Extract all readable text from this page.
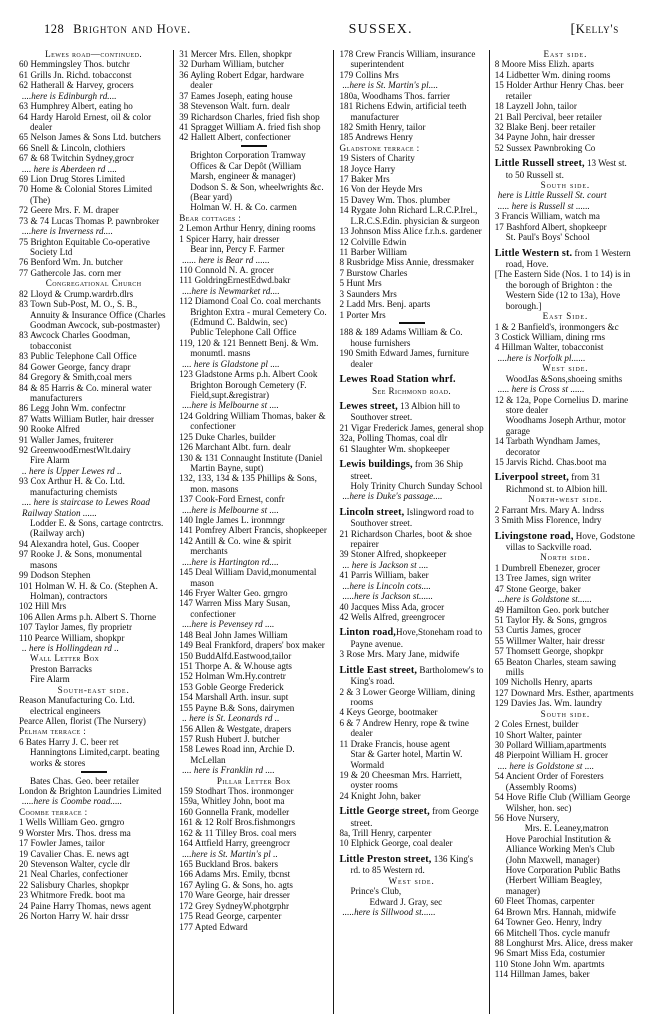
128 Brighton and Hove.	SUSSEX.	[Kelly's
Lewes road—continued.
60 Hemmingsley Thos. butchr
61 Grills Jn. Richd. tobacconst
62 Hatherall & Harvey, grocers
....here is Edinburgh rd....
63 Humphrey Albert, eating ho
64 Hardy Harold Ernest, oil & color dealer
65 Nelson James & Sons Ltd. butchers
66 Snell & Lincoln, clothiers
67 & 68 Twitchin Sydney,grocr
.... here is Aberdeen rd ....
69 Lion Drug Stores Limited
70 Home & Colonial Stores Limited (The)
72 Geere Mrs. F. M. draper
73 & 74 Lucas Thomas P. pawnbroker
....here is Inverness rd....
75 Brighton Equitable Co-operative Society Ltd
76 Benford Wm. Jn. butcher
77 Gathercole Jas. corn mer
Congregational Church
82 Lloyd & Crump.wardrb.dlrs
83 Town Sub-Post, M. O., S. B., Annuity & Insurance Office (Charles Goodman Awcock, sub-postmaster)
83 Awcock Charles Goodman, tobacconist
83 Public Telephone Call Office
84 Gower George, fancy drapr
84 Gregory & Smith,coal mers
84 & 85 Harris & Co. mineral water manufacturers
86 Legg John Wm. confectnr
87 Watts William Butler, hair dresser
90 Rooke Alfred
91 Waller James, fruiterer
92 GreenwoodErnestWlt.dairy
Fire Alarm
.. here is Upper Lewes rd ..
93 Cox Arthur H. & Co. Ltd. manufacturing chemists
.... here is staircase to Lewes Road Railway Station ......
Lodder E. & Sons, cartage contrctrs. (Railway arch)
94 Alexandra hotel, Gus. Cooper
97 Rooke J. & Sons, monumental masons
99 Dodson Stephen
101 Holman W. H. & Co. (Stephen A. Holman), contractors
102 Hill Mrs
106 Allen Arms p.h. Albert S. Thorne
107 Taylor James, fly proprietr
110 Pearce William, shopkpr
.. here is Hollingdean rd ..
Wall Letter Box
Preston Barracks
Fire Alarm
South-east side.
Reason Manufacturing Co. Ltd. electrical engineers
Pearce Allen, florist (The Nursery)
Pelham terrace :
6 Bates Harry J. C. beer ret
Hanningtons Limited,carpt. beating works & stores
Bates Chas. Geo. beer retailer
London & Brighton Laundries Limited
.....here is Coombe road.....
Coombe terrace :
1 Wells William Geo. grngro
9 Worster Mrs. Thos. dress ma
17 Fowler James, tailor
19 Cavalier Chas. E. news agt
20 Stevenson Walter, cycle dlr
21 Neal Charles, confectioner
22 Salisbury Charles, shopkpr
23 Whitmore Fredk. boot ma
24 Paine Harry Thomas, news agent
26 Norton Harry W. hair drssr
31 Mercer Mrs. Ellen, shopkpr
32 Durham William, butcher
36 Ayling Robert Edgar, hardware dealer
37 Eames Joseph, eating house
38 Stevenson Walt. furn. dealr
39 Richardson Charles, fried fish shop
41 Spragget William A. fried fish shop
42 Hallett Albert, confectioner
Brighton Corporation Tramway Offices & Car Depôt (William Marsh, engineer & manager)
Dodson S. & Son, wheelwrights &c. (Bear yard)
Holman W. H. & Co. carmen
Bear cottages :
2 Lemon Arthur Henry, dining rooms
1 Spicer Harry, hair dresser
Bear inn, Percy F. Farmer
...... here is Bear rd ......
110 Connold N. A. grocer
111 GoldringErnestEdwd.bakr
....here is Newmarket rd....
112 Diamond Coal Co. coal merchants
Brighton Extra - mural Cemetery Co. (Edmund C. Baldwin, sec)
Public Telephone Call Office
119, 120 & 121 Bennett Benj. & Wm. monumtl. masns
.... here is Gladstone pl ....
123 Gladstone Arms p.h. Albert Cook
Brighton Borough Cemetery (F. Field,supt.&registrar)
....here is Melbourne st ....
124 Goldring William Thomas, baker & confectioner
125 Duke Charles, builder
126 Marchant Albt. furn. dealr
130 & 131 Connaught Institute (Daniel Martin Bayne, supt)
132, 133, 134 & 135 Phillips & Sons, mon. masons
137 Cook-Ford Ernest, confr
....here is Melbourne st ....
140 Ingle James L. ironmngr
141 Pomfrey Albert Francis, shopkeeper
142 Antill & Co. wine & spirit merchants
....here is Hartington rd....
145 Deal William David,monumental mason
146 Fryer Walter Geo. grngro
147 Warren Miss Mary Susan, confectioner
....here is Pevensey rd ....
148 Beal John James William
149 Beal Frankford, drapers' box maker
150 BuddAlfd.Eastwood,tailor
151 Thorpe A. & W.house agts
152 Holman Wm.Hy.contretr
153 Goble George Frederick
154 Marshall Arth. insur. supt
155 Payne B.& Sons, dairymen
.. here is St. Leonards rd ..
156 Allen & Westgate, drapers
157 Rush Hubert J. butcher
158 Lewes Road inn, Archie D. McLellan
.... here is Franklin rd ....
Pillar Letter Box
159 Stodhart Thos. ironmonger
159a, Whitley John, boot ma
160 Gonnella Frank, modeller
161 & 12 Rolf Bros.fishmongrs
162 & 11 Tilley Bros. coal mers
164 Attfield Harry, greengrocr
....here is St. Martin's pl ..
165 Buckland Bros. bakers
166 Adams Mrs. Emily, tbcnst
167 Ayling G. & Sons, ho. agts
170 Ware George, hair dresser
172 Grey SydneyW.photgrphr
175 Read George, carpenter
177 Apted Edward
178 Crew Francis William, insurance superintendent
179 Collins Mrs
...here is St. Martin's pl....
180a, Woodhams Thos. farrier
181 Richens Edwin, artificial teeth manufacturer
182 Smith Henry, tailor
185 Andrews Henry
Gladstone terrace :
19 Sisters of Charity
18 Joyce Harry
17 Baker Mrs
16 Von der Heyde Mrs
15 Davey Wm. Thos. plumber
14 Rygate John Richard L.R.C.P.Irel., L.R.C.S.Edin. physician & surgeon
13 Johnson Miss Alice f.r.h.s. gardener
12 Colville Edwin
11 Barber William
8 Rusbridge Miss Annie, dressmaker
7 Burstow Charles
5 Hunt Mrs
3 Saunders Mrs
2 Ladd Mrs. Benj. aparts
1 Porter Mrs
188 & 189 Adams William & Co. house furnishers
190 Smith Edward James, furniture dealer
Lewes Road Station whrf.
See Richmond road.
Lewes street, 13 Albion hill to Southover street.
21 Vigar Frederick James, general shop
32a, Polling Thomas, coal dlr
61 Slaughter Wm. shopkeeper
Lewis buildings, from 36 Ship street.
Holy Trinity Church Sunday School
...here is Duke's passage....
Lincoln street, Islingword road to Southover street.
21 Richardson Charles, boot & shoe repairer
39 Stoner Alfred, shopkeeper
... here is Jackson st ....
41 Parris William, baker
...here is Lincoln cots....
.....here is Jackson st......
40 Jacques Miss Ada, grocer
42 Wells Alfred, greengrocer
Linton road,Hove,Stoneham road to Payne avenue.
3 Rose Mrs. Mary Jane, midwife
Little East street, Bartholomew's to King's road.
2 & 3 Lower George William, dining rooms
4 Keys George, bootmaker
6 & 7 Andrew Henry, rope & twine dealer
11 Drake Francis, house agent
Star & Garter hotel, Martin W. Wormald
19 & 20 Cheesman Mrs. Harriett, oyster rooms
24 Knight John, baker
Little George street, from George street.
8a, Trill Henry, carpenter
10 Elphick George, coal dealer
Little Preston street, 136 King's rd. to 85 Western rd.
West side.
Prince's Club,
Edward J. Gray, sec
.....here is Sillwood st......
East side.
8 Moore Miss Elizh. aparts
14 Lidbetter Wm. dining rooms
15 Holder Arthur Henry Chas. beer retailer
18 Layzell John, tailor
21 Ball Percival, beer retailer
32 Blake Benj. beer retailer
34 Payne John, hair dresser
52 Sussex Pawnbroking Co
Little Russell street, 13 West st. to 50 Russell st.
South side.
here is Little Russell St. court
..... here is Russell st ......
3 Francis William, watch ma
17 Bashford Albert, shopkeepr
St. Paul's Boys' School
Little Western st. from 1 Western road, Hove.
[The Eastern Side (Nos. 1 to 14) is in the borough of Brighton : the Western Side (12 to 13a), Hove borough.]
East Side.
1 & 2 Banfield's, ironmongers &c
3 Costick William, dining rms
4 Hillman Walter, tobacconist
....here is Norfolk pl......
West side.
WoodJas &Sons,shoeing smiths
..... here is Cross st ......
12 & 12a, Pope Cornelius D. marine store dealer
Woodhams Joseph Arthur, motor garage
14 Tarbath Wyndham James, decorator
15 Jarvis Richd. Chas.boot ma
Liverpool street, from 31 Richmond st. to Albion hill.
North-west side.
2 Farrant Mrs. Mary A. lndrss
3 Smith Miss Florence, lndry
Livingstone road, Hove, Godstone villas to Sackville road.
North side.
1 Dumbrell Ebenezer, grocer
13 Tree James, sign writer
47 Stone George, baker
...here is Goldstone st......
49 Hamilton Geo. pork butcher
51 Taylor Hy. & Sons, grngros
53 Curtis James, grocer
55 Willmer Walter, hair dressr
57 Thomsett George, shopkpr
65 Beaton Charles, steam sawing mills
109 Nicholls Henry, aparts
127 Downard Mrs. Esther, apartments
129 Davies Jas. Wm. laundry
South side.
2 Coles Ernest, builder
10 Short Walter, painter
30 Pollard William,apartments
48 Pierpoint William H. grocer
.... here is Goldstone st ....
54 Ancient Order of Foresters (Assembly Rooms)
54 Hove Rifle Club (William George Wilsher, hon. sec)
56 Hove Nursery,
Mrs. E. Leaney,matron
Hove Parochial Institution & Alliance Working Men's Club (John Maxwell, manager)
Hove Corporation Public Baths (Herbert William Beagley, manager)
60 Fleet Thomas, carpenter
64 Brown Mrs. Hannah, midwife
64 Towner Geo. Henry, lndry
66 Mitchell Thos. cycle manufr
88 Longhurst Mrs. Alice, dress maker
96 Smart Miss Eda, costumier
110 Stone John Wm. apartmts
114 Hillman James, baker
